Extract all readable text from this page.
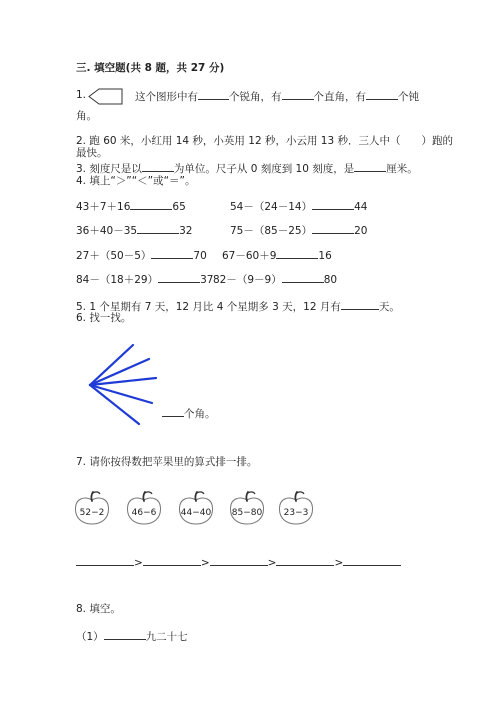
三. 填空题(共 8 题，共 27 分)
1.	这个图形中有	个锐角，有	个直角，有	个钝
角。
2. 跑 60 米，小红用 14 秒，小英用 12 秒，小云用 13 秒．三人中（　　）跑的
最快。
3. 刻度尺是以	为单位。尺子从 0 刻度到 10 刻度，是	厘米。
4. 填上“＞”“＜”或“＝”。
43＋7＋16	65	54－（24－14）	44
36＋40－35	32	75－（85－25）	20
27＋（50－5）	70 67－60＋9	16
84－（18＋29）	37 82－（9－9）	80
5. 1 个星期有 7 天，12 月比 4 个星期多 3 天，12 月有	天。
6. 找一找。
个角。
7. 请你按得数把苹果里的算式排一排。
52−2	46−6	44−40	85−80	23−3
>	>	>	>
8. 填空。
（1）	九二十七
